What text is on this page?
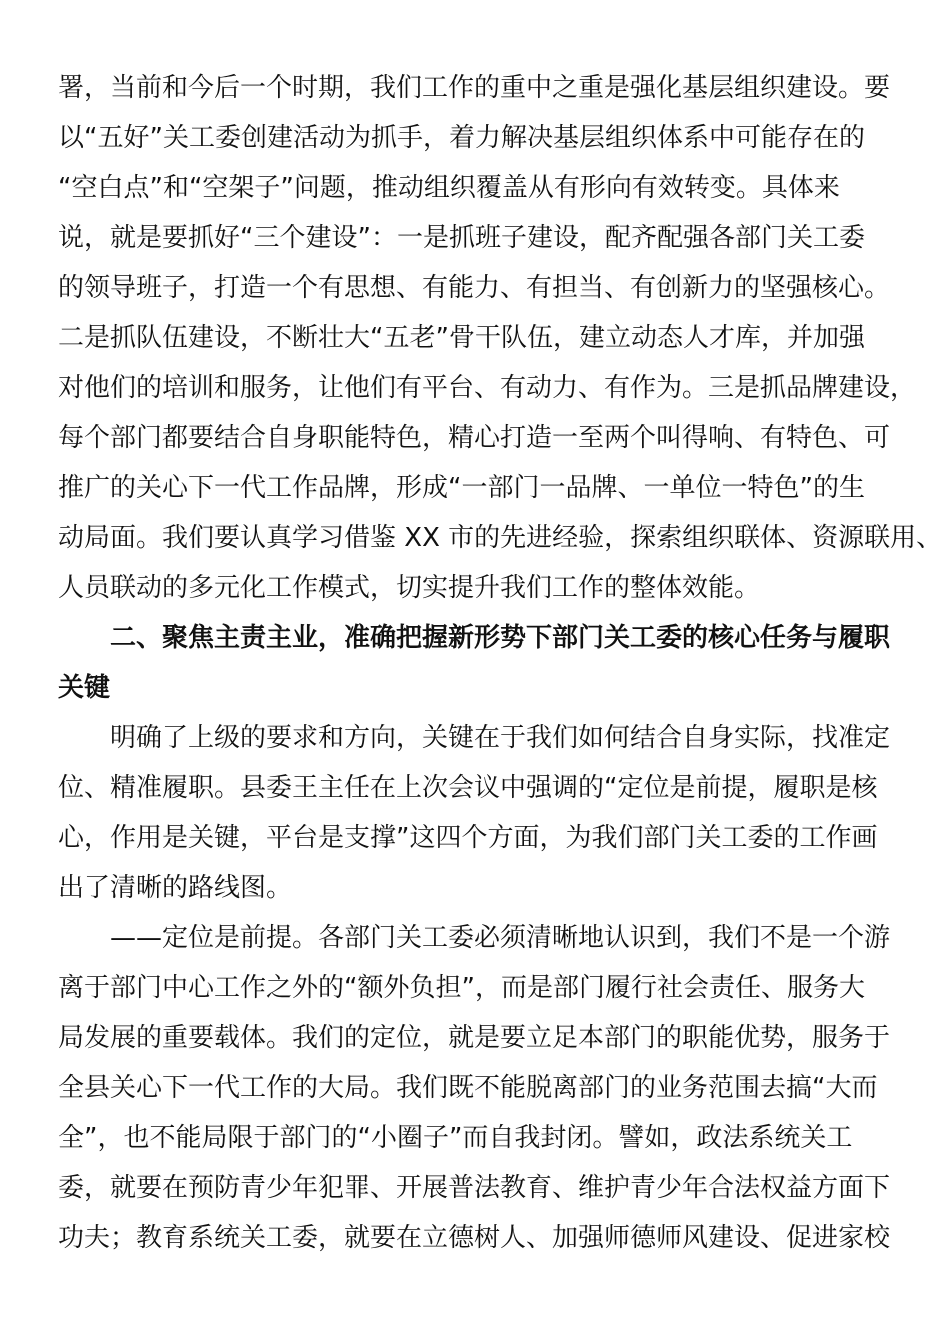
署，当前和今后一个时期，我们工作的重中之重是强化基层组织建设。要
以“五好”关工委创建活动为抓手，着力解决基层组织体系中可能存在的
“空白点”和“空架子”问题，推动组织覆盖从有形向有效转变。具体来
说，就是要抓好“三个建设”：一是抓班子建设，配齐配强各部门关工委
的领导班子，打造一个有思想、有能力、有担当、有创新力的坚强核心。
二是抓队伍建设，不断壮大“五老”骨干队伍，建立动态人才库，并加强
对他们的培训和服务，让他们有平台、有动力、有作为。三是抓品牌建设，
每个部门都要结合自身职能特色，精心打造一至两个叫得响、有特色、可
推广的关心下一代工作品牌，形成“一部门一品牌、一单位一特色”的生
动局面。我们要认真学习借鉴 XX 市的先进经验，探索组织联体、资源联用、
人员联动的多元化工作模式，切实提升我们工作的整体效能。
二、聚焦主责主业，准确把握新形势下部门关工委的核心任务与履职
关键
明确了上级的要求和方向，关键在于我们如何结合自身实际，找准定
位、精准履职。县委王主任在上次会议中强调的“定位是前提，履职是核
心，作用是关键，平台是支撑”这四个方面，为我们部门关工委的工作画
出了清晰的路线图。
——定位是前提。各部门关工委必须清晰地认识到，我们不是一个游
离于部门中心工作之外的“额外负担”，而是部门履行社会责任、服务大
局发展的重要载体。我们的定位，就是要立足本部门的职能优势，服务于
全县关心下一代工作的大局。我们既不能脱离部门的业务范围去搞“大而
全”，也不能局限于部门的“小圈子”而自我封闭。譬如，政法系统关工
委，就要在预防青少年犯罪、开展普法教育、维护青少年合法权益方面下
功夫；教育系统关工委，就要在立德树人、加强师德师风建设、促进家校
